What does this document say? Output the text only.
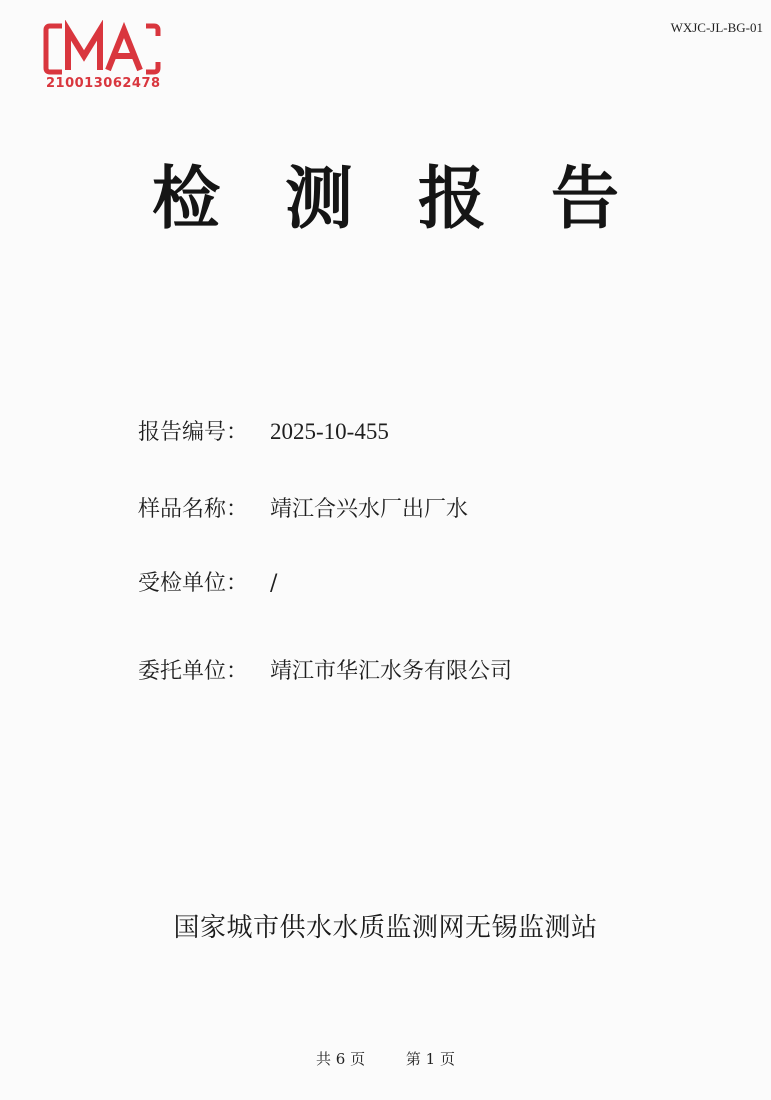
WXJC-JL-BG-01
210013062478
检 测 报 告
报告编号： 2025-10-455
样品名称： 靖江合兴水厂出厂水
受检单位： /
委托单位： 靖江市华汇水务有限公司
国家城市供水水质监测网无锡监测站
共 6 页	第 1 页
